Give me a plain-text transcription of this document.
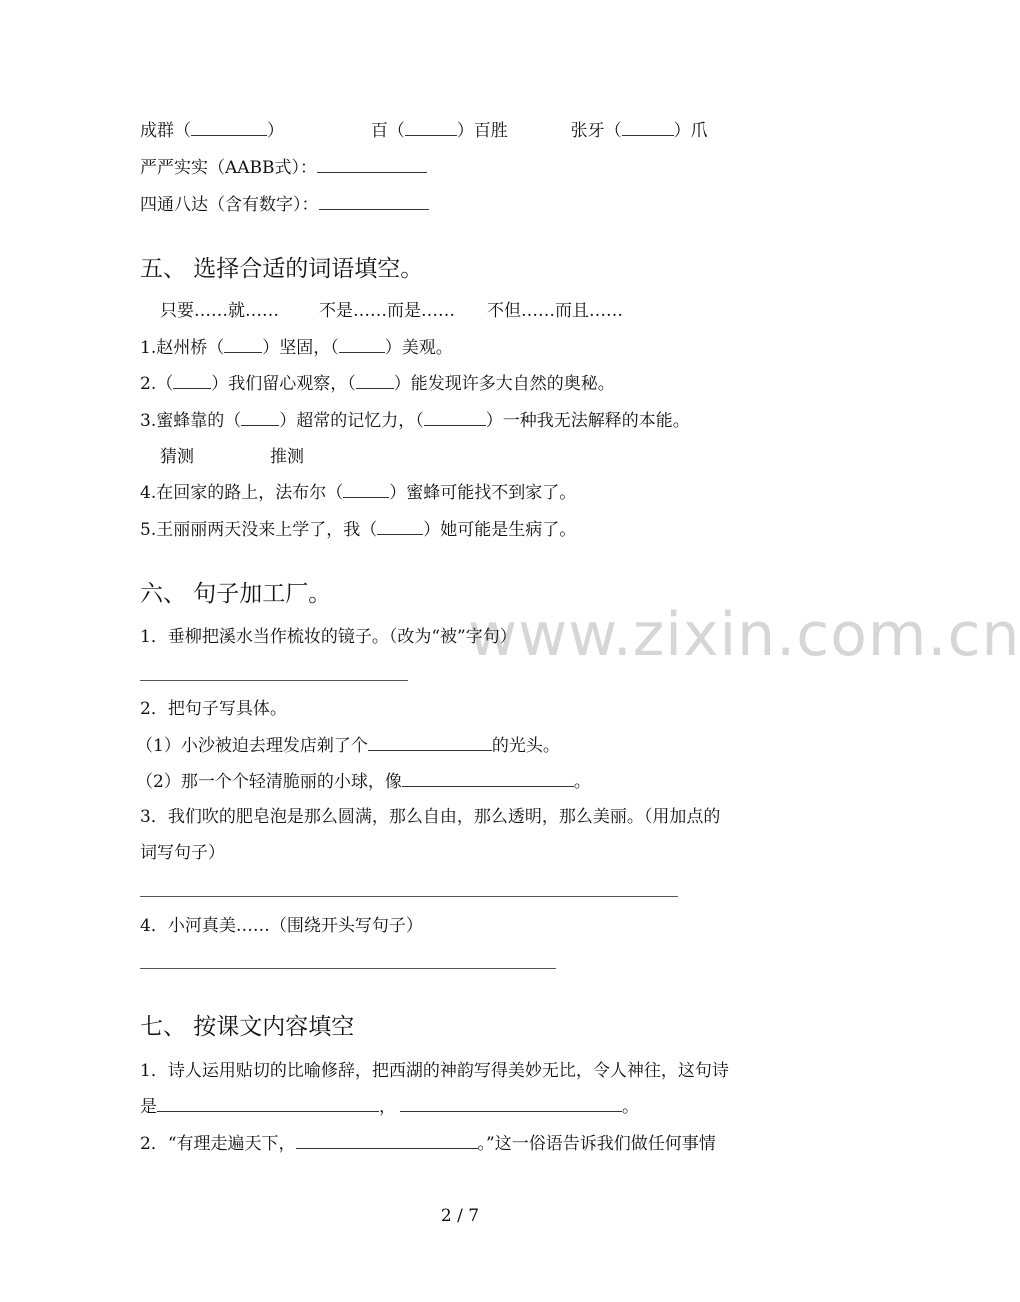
www.zixin.com.cn
成群（	）	百（	）百胜	张牙（	）爪
严严实实（AABB式）：
四通八达（含有数字）：
五、 选择合适的词语填空。
只要……就…… 不是……而是…… 不但……而且……
1.赵州桥（ ）坚固，（	）美观。
2.（ ）我们留心观察，（ ）能发现许多大自然的奥秘。
3.蜜蜂靠的（ ）超常的记忆力，（	）一种我无法解释的本能。
猜测	推测
4.在回家的路上，法布尔（	）蜜蜂可能找不到家了。
5.王丽丽两天没来上学了，我（	）她可能是生病了。
六、 句子加工厂。
1．垂柳把溪水当作梳妆的镜子。（改为“被”字句）
2．把句子写具体。
（1）小沙被迫去理发店剃了个	的光头。
（2）那一个个轻清脆丽的小球，像	。
3．我们吹的肥皂泡是那么圆满，那么自由，那么透明，那么美丽。（用加点的
词写句子）
4．小河真美……（围绕开头写句子）
七、 按课文内容填空
1．诗人运用贴切的比喻修辞，把西湖的神韵写得美妙无比，令人神往，这句诗
是	，	。
2．“有理走遍天下，	。”这一俗语告诉我们做任何事情
2 / 7
